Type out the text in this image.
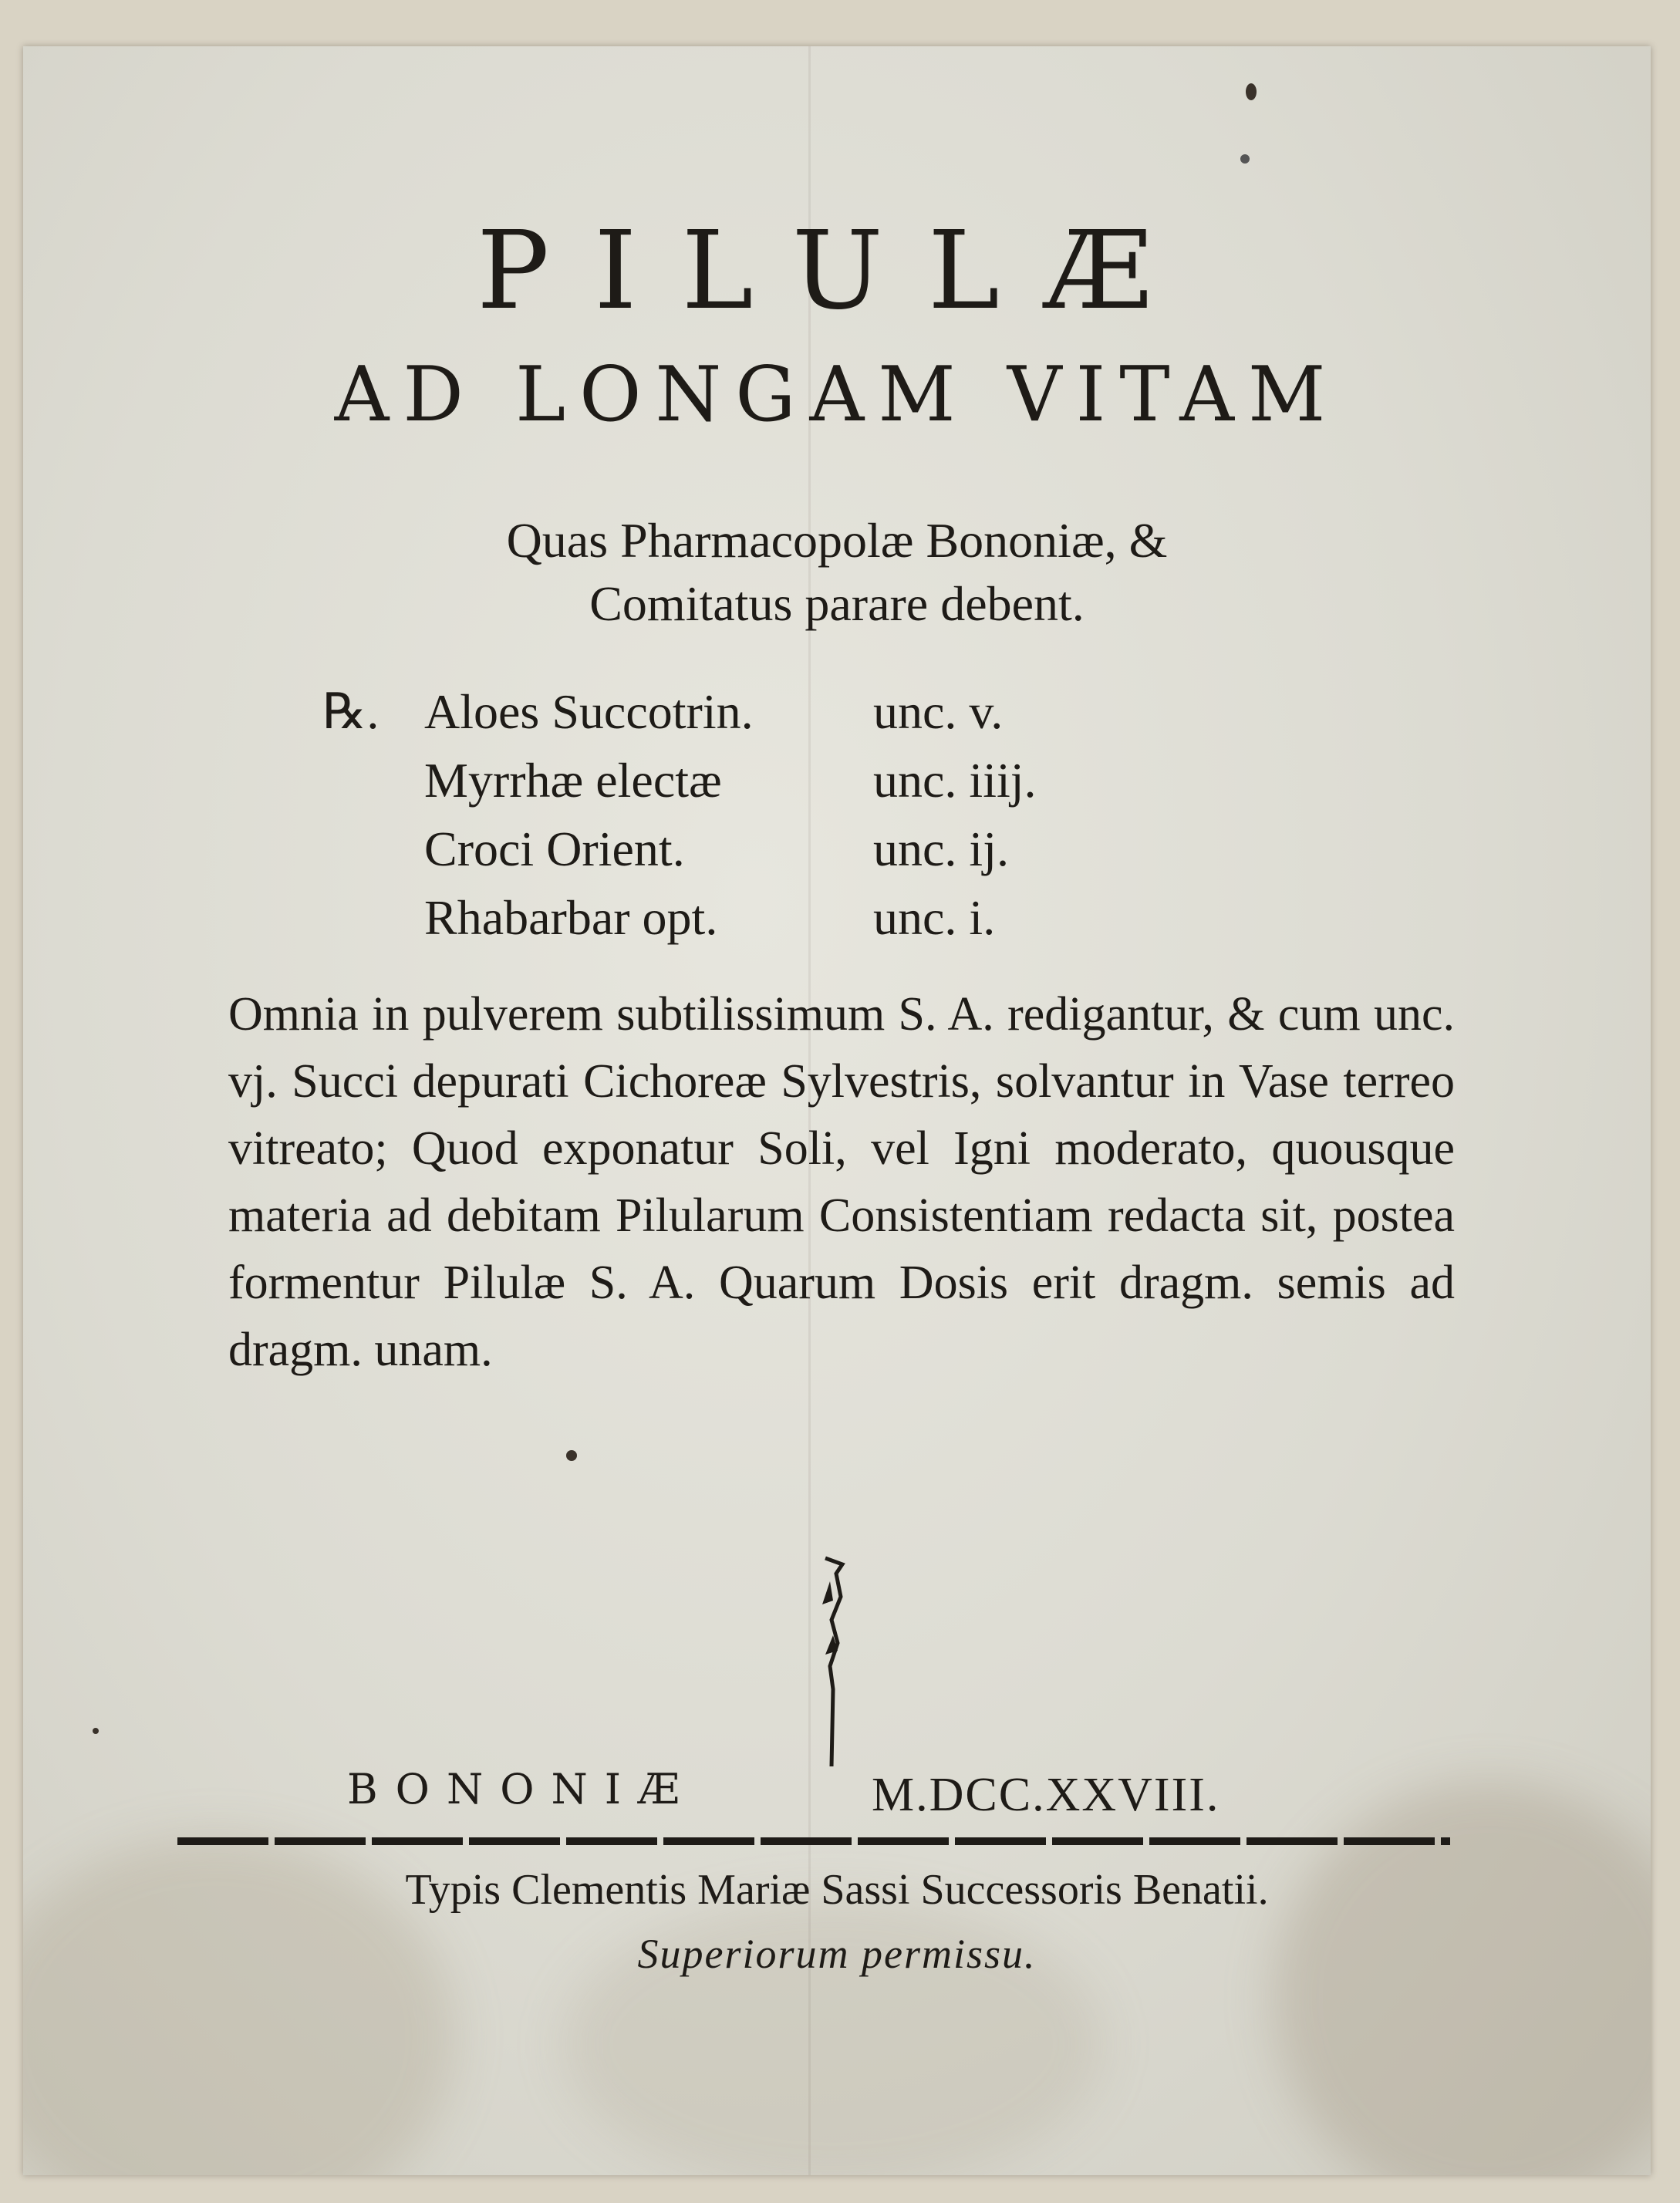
PILULÆ
AD LONGAM VITAM

Quas Pharmacopolæ Bononiæ, & Comitatus parare debent.

℞. Aloes Succotrin. unc. v.
Myrrhæ electæ	unc. iiij.
Croci Orient.	unc. ij.
Rhabarbar opt.	unc. i.

Omnia in pulverem subtilissimum S. A. redigantur, & cum unc. vj. Succi depurati Cichoreæ Sylvestris, solvantur in Vase terreo vitreato; Quod exponatur Soli, vel Igni moderato, quousque materia ad debitam Pilularum Consistentiam redacta sit, postea formentur Pilulæ S. A. Quarum Dosis erit dragm. semis ad dragm. unam.

BONONIÆ	M.DCC.XXVIII.
Typis Clementis Mariæ Sassi Successoris Benatii.
Superiorum permissu.
